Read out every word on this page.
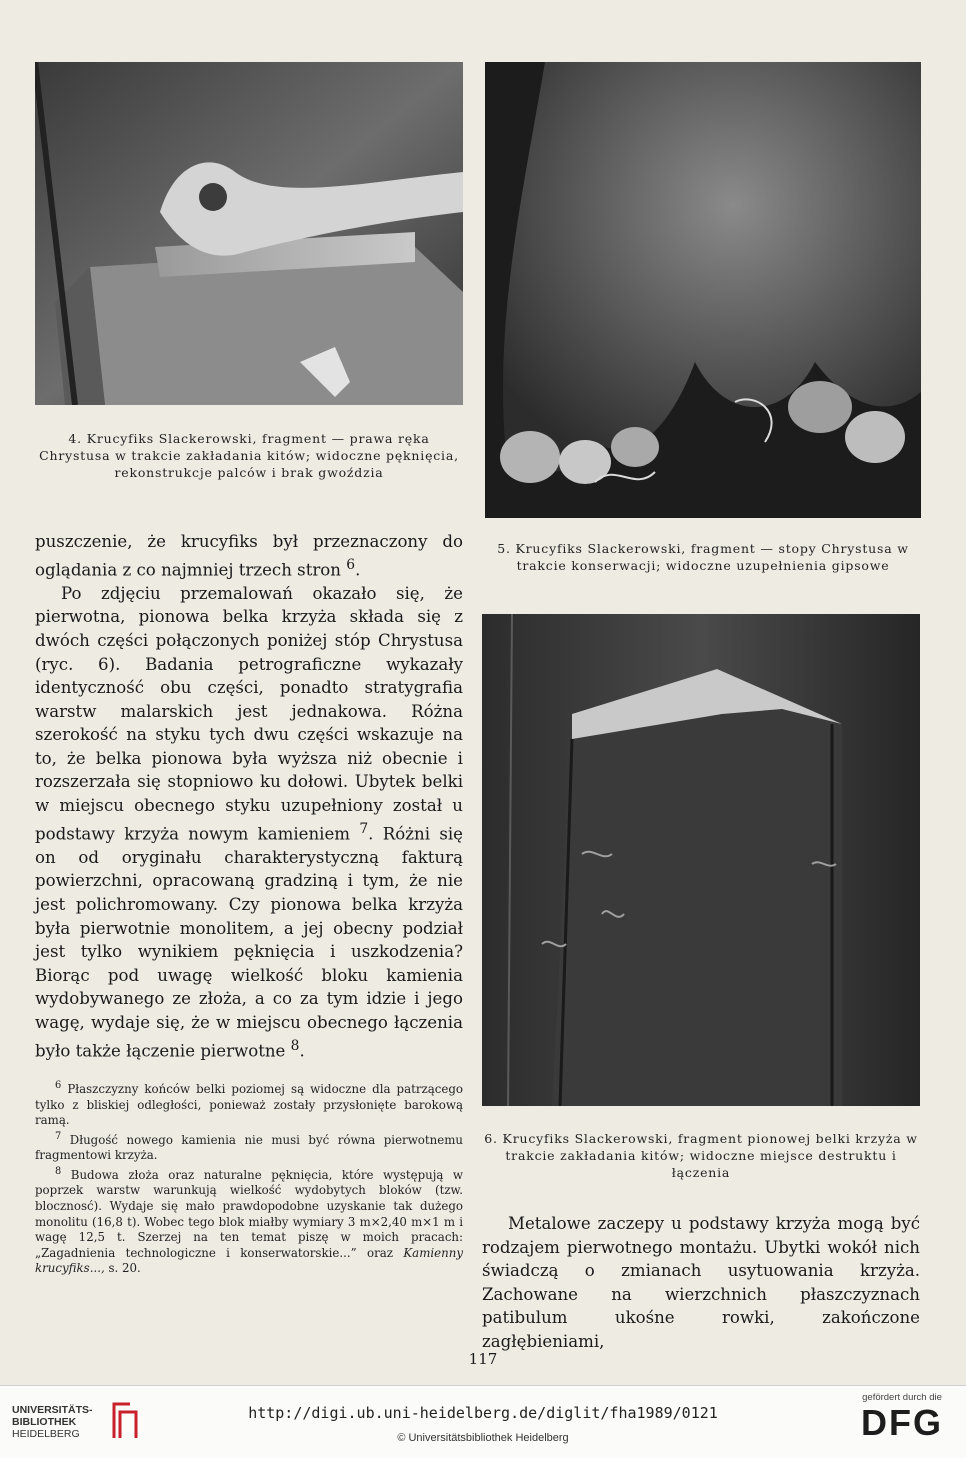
4. Krucyfiks Slackerowski, fragment — prawa ręka Chrystusa w trakcie zakładania kitów; widoczne pęknięcia, rekonstrukcje palców i brak gwoździa
5. Krucyfiks Slackerowski, fragment — stopy Chrystusa w trakcie konserwacji; widoczne uzupełnienia gipsowe
6. Krucyfiks Slackerowski, fragment pionowej belki krzyża w trakcie zakładania kitów; widoczne miejsce destruktu i łączenia

puszczenie, że krucyfiks był przeznaczony do oglądania z co najmniej trzech stron $^6$.

Po zdjęciu przemalowań okazało się, że pierwotna, pionowa belka krzyża składa się z dwóch części połączonych poniżej stóp Chrystusa (ryc. 6). Badania petrograficzne wykazały identyczność obu części, ponadto stratygrafia warstw malarskich jest jednakowa. Różna szerokość na styku tych dwu części wskazuje na to, że belka pionowa była wyższa niż obecnie i rozszerzała się stopniowo ku dołowi. Ubytek belki w miejscu obecnego styku uzupełniony został u podstawy krzyża nowym kamieniem $^7$. Różni się on od oryginału charakterystyczną fakturą powierzchni, opracowaną gradziną i tym, że nie jest polichromowany. Czy pionowa belka krzyża była pierwotnie monolitem, a jej obecny podział jest tylko wynikiem pęknięcia i uszkodzenia? Biorąc pod uwagę wielkość bloku kamienia wydobywanego ze złoża, a co za tym idzie i jego wagę, wydaje się, że w miejscu obecnego łączenia było także łączenie pierwotne $^8$.

$^6$ Płaszczyzny końców belki poziomej są widoczne dla patrzącego tylko z bliskiej odległości, ponieważ zostały przysłonięte barokową ramą.

$^7$ Długość nowego kamienia nie musi być równa pierwotnemu fragmentowi krzyża.

$^8$ Budowa złoża oraz naturalne pęknięcia, które występują w poprzek warstw warunkują wielkość wydobytych bloków (tzw. blocznosć). Wydaje się mało prawdopodobne uzyskanie tak dużego monolitu (16,8 t). Wobec tego blok miałby wymiary 3 m×2,40 m×1 m i wagę 12,5 t. Szerzej na ten temat piszę w moich pracach: „Zagadnienia technologiczne i konserwatorskie...” oraz Kamienny krucyfiks..., s. 20.

Metalowe zaczepy u podstawy krzyża mogą być rodzajem pierwotnego montażu. Ubytki wokół nich świadczą o zmianach usytuowania krzyża. Zachowane na wierzchnich płaszczyznach patibulum ukośne rowki, zakończone zagłębieniami,

117
UNIVERSITÄTS-
BIBLIOTHEK
HEIDELBERG
http://digi.ub.uni-heidelberg.de/diglit/fha1989/0121
© Universitätsbibliothek Heidelberg
gefördert durch die
DFG
